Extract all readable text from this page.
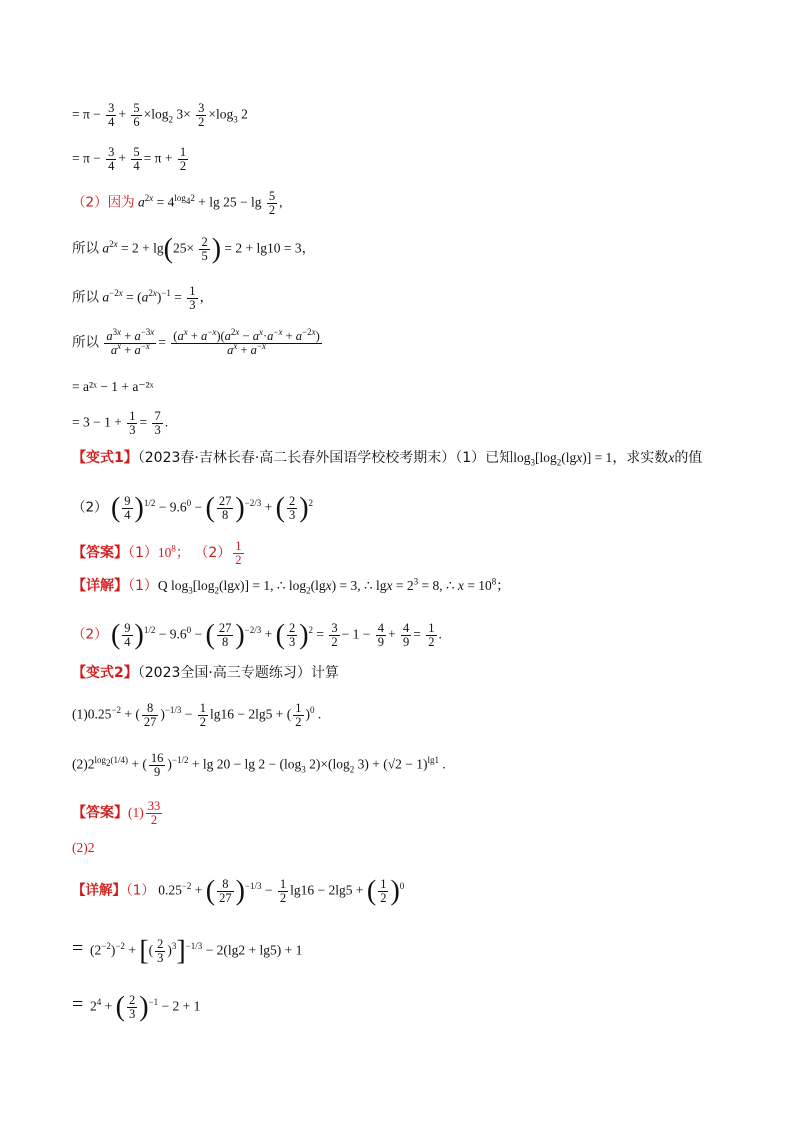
= $\pi - \frac{3}{4} + \frac{5}{6} \times\log_2$ $3\times \frac{3}{2} \times\log_3$ 2
= $\pi - \frac{3}{4} + \frac{5}{4} = \pi + \frac{1}{2}$
（2）因为 $a^{2x} = 4^{log_42} + \lg 25 - \lg \frac{5}{2}$ ,
所以 $a^{2x} = 2 + \lg(25\times \frac{2}{5}$ ) = 2 + lg10 = 3，
所以 $a^{-2x} = (a^{2x})^{-1} = \frac{1}{3}$ ，
所以 $\frac{a^{3x} + a^{-3x}}{a^x + a^{-x}} = \frac{(a^x + a^{-x})(a^{2x} - a^x\cdot a^{-x} + a^{-2x})}{a^x + a^{-x}}$
= a²ˣ − 1 + a⁻²ˣ
= $3 - 1 + \frac{1}{3} = \frac{7}{3}$ .
【变式1】（2023春·吉林长春·高二长春外国语学校校考期末）（1）已知$\log_3[\log_2(\lg x)] = 1$，求实数x的值
（2） ( $\frac{9}{4} )^{1/2} - 9.6^0$ − ( $\frac{27}{8} )^{-2/3}$ + ( $\frac{2}{3} )^2$
【答案】$(1)10^8$； $(2) \frac{1}{2}$
【详解】（1）Q $\log_3[\log_2(\lg x)] = 1$, ∴ $\log_2(\lg x) = 3$, ∴ $\lg x = 2^3 = 8$, ∴ $x = 10^8$；
（2） ( $\frac{9}{4} )^{1/2} - 9.6^0$ − ( $\frac{27}{8} )^{-2/3}$ + ( $\frac{2}{3} )^2 = \frac{3}{2} - 1 - \frac{4}{9} + \frac{4}{9} = \frac{1}{2}$ .
【变式2】（2023全国·高三专题练习）计算
$(1)0.25^{-2}$ + ( $\frac{8}{27} )^{-1/3} - \frac{1}{2} \lg 16 - 2\lg 5$ + ( $\frac{1}{2} )^0$ .
$(2)2^{log_2(1/4)}$ + ( $\frac{16}{9} )^{-1/2} + \lg 20 - \lg 2 - (\log_3$ $2)\times(\log_2$ $3) + (√2 - 1)^{lg1}$ .
【答案】$(1) \frac{33}{2}$
(2)2
【详解】（1） $0.25^{-2}$ + ( $\frac{8}{27} )^{-1/3} - \frac{1}{2} \lg 16 - 2\lg 5$ + ( $\frac{1}{2} )^0$
=  $(2^{-2})^{-2}$ + [( $\frac{2}{3} )^3]^{-1/3} - 2(\lg 2 + \lg 5) + 1$
=  $2^4$ + ( $\frac{2}{3} )^{-1} - 2 + 1$
